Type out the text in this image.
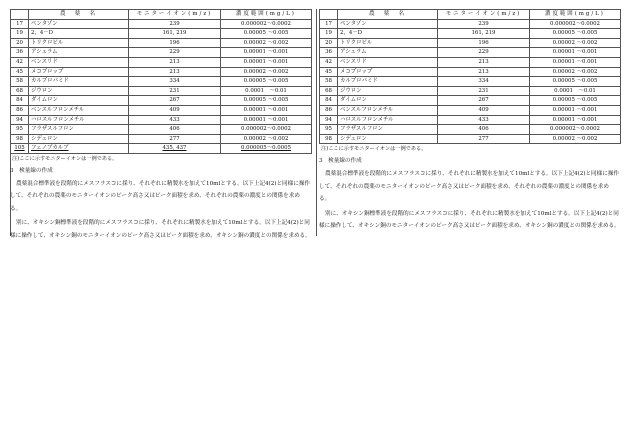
	農　薬　名	モニターイオン(m/z)	濃度範囲(mg/L)
17	ペンタゾン	239	0.000002～0.0002
19	2，4－D	161, 219	0.00005 ～0.005
20	トリクロピル	196	0.00002 ～0.002
36	アシュラム	229	0.00001 ～0.001
42	ベンスリド	213	0.00001 ～0.001
45	メコプロップ	213	0.00002 ～0.002
58	カルプロパミド	334	0.00005 ～0.005
68	ジウロン	231	0.0001　～0.01
84	ダイムロン	267	0.00005 ～0.005
86	ベンスルフロンメチル	409	0.00001 ～0.001
94	ハロスルフロンメチル	433	0.00001 ～0.001
95	フラザスルフロン	406	0.000002～0.0002
98	シデュロン	277	0.00002 ～0.002
105	フェノブカルブ	435, 437	0.000005～0.0005
注)ここに示すモニターイオンは一例である。
3　検量線の作成
農薬混合標準液を段階的にメスフラスコに採り、それぞれに精製水を加えて10mlとする。以下上記4(2)と同様に操作して、それぞれの農薬のモニターイオンのピーク高さ又はピーク面積を求め、それぞれの農薬の濃度との関係を求める。
別に、オキシン銅標準液を段階的にメスフラスコに採り、それぞれに精製水を加えて10mlとする。以下上記4(2)と同様に操作して、オキシン銅のモニターイオンのピーク高さ又はピーク面積を求め、オキシン銅の濃度との関係を求める。
	農　薬　名	モニターイオン(m/z)	濃度範囲(mg/L)
17	ペンタゾン	239	0.000002～0.0002
19	2，4－D	161, 219	0.00005 ～0.005
20	トリクロピル	196	0.00002 ～0.002
36	アシュラム	229	0.00001 ～0.001
42	ベンスリド	213	0.00001 ～0.001
45	メコプロップ	213	0.00002 ～0.002
58	カルプロパミド	334	0.00005 ～0.005
68	ジウロン	231	0.0001　～0.01
84	ダイムロン	267	0.00005 ～0.005
86	ベンスルフロンメチル	409	0.00001 ～0.001
94	ハロスルフロンメチル	433	0.00001 ～0.001
95	フラザスルフロン	406	0.000002～0.0002
98	シデュロン	277	0.00002 ～0.002
注)ここに示すモニターイオンは一例である。
3　検量線の作成
農薬混合標準液を段階的にメスフラスコに採り、それぞれに精製水を加えて10mlとする。以下上記4(2)と同様に操作して、それぞれの農薬のモニターイオンのピーク高さ又はピーク面積を求め、それぞれの農薬の濃度との関係を求める。
別に、オキシン銅標準液を段階的にメスフラスコに採り、それぞれに精製水を加えて10mlとする。以下上記4(2)と同様に操作して、オキシン銅のモニターイオンのピーク高さ又はピーク面積を求め、オキシン銅の濃度との関係を求める。
